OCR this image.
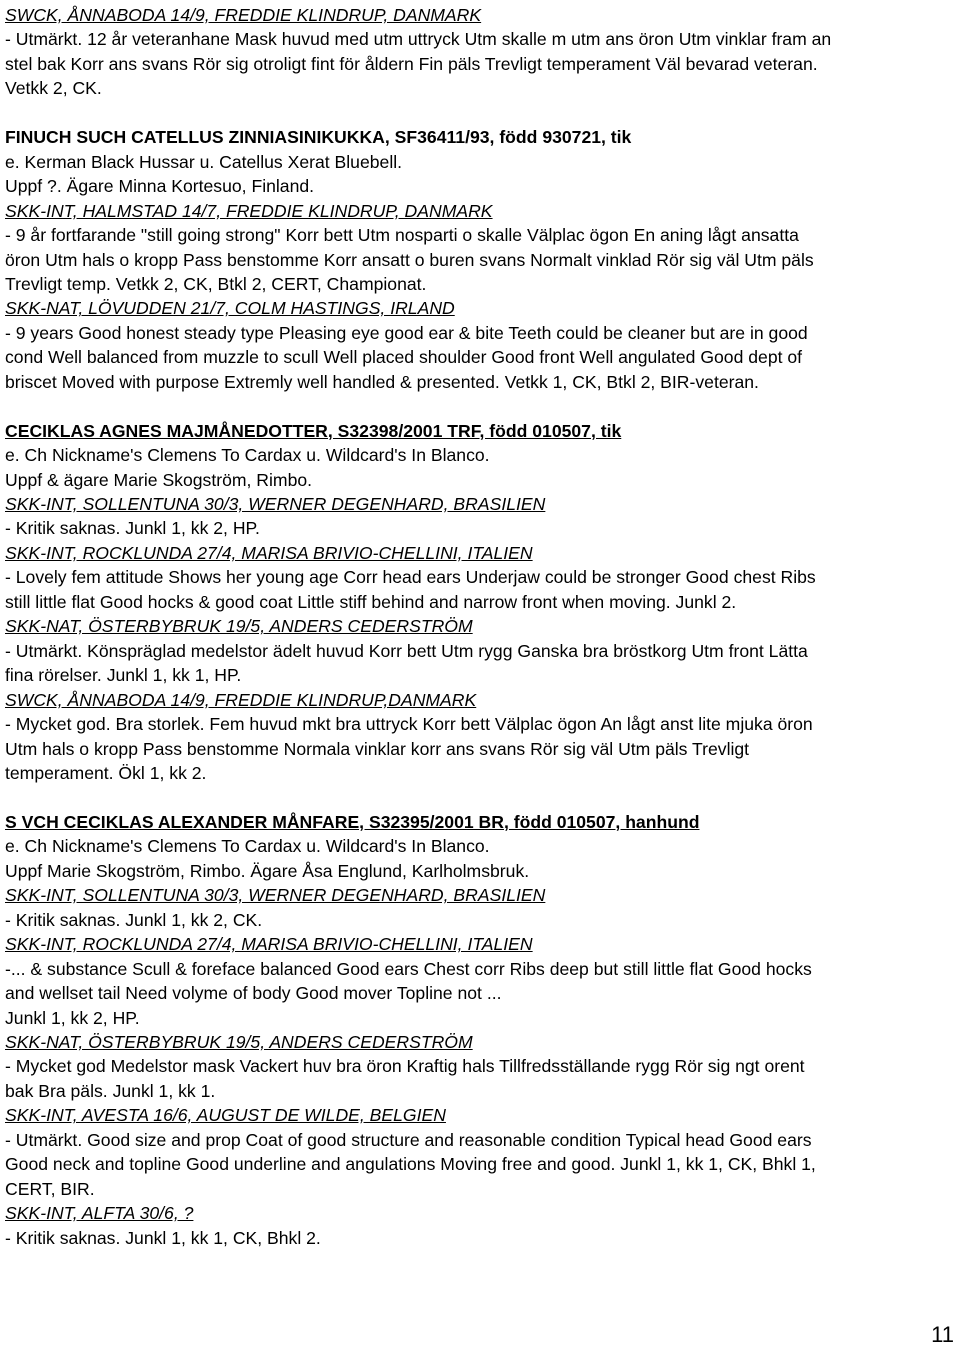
SWCK, ÅNNABODA 14/9, FREDDIE KLINDRUP, DANMARK
- Utmärkt. 12 år veteranhane Mask huvud med utm uttryck Utm skalle m utm ans öron Utm vinklar fram an
stel bak Korr ans svans Rör sig otroligt fint för åldern Fin päls Trevligt temperament Väl bevarad veteran.
Vetkk 2, CK.
FINUCH SUCH CATELLUS ZINNIASINIKUKKA, SF36411/93, född 930721, tik
e. Kerman Black Hussar u. Catellus Xerat Bluebell.
Uppf ?. Ägare Minna Kortesuo, Finland.
SKK-INT, HALMSTAD 14/7, FREDDIE KLINDRUP, DANMARK
- 9 år fortfarande "still going strong" Korr bett Utm nosparti o skalle Välplac ögon En aning lågt ansatta
öron Utm hals o kropp Pass benstomme Korr ansatt o buren svans Normalt vinklad Rör sig väl Utm päls
Trevligt temp. Vetkk 2, CK, Btkl 2, CERT, Championat.
SKK-NAT, LÖVUDDEN 21/7, COLM HASTINGS, IRLAND
- 9 years Good honest steady type Pleasing eye good ear & bite Teeth could be cleaner but are in good
cond Well balanced from muzzle to scull Well placed shoulder Good front Well angulated Good dept of
briscet Moved with purpose Extremly well handled & presented. Vetkk 1, CK, Btkl 2, BIR-veteran.
CECIKLAS AGNES MAJMÅNEDOTTER, S32398/2001 TRF, född 010507, tik
e. Ch Nickname's Clemens To Cardax u. Wildcard's In Blanco.
Uppf & ägare Marie Skogström, Rimbo.
SKK-INT, SOLLENTUNA 30/3, WERNER DEGENHARD, BRASILIEN
- Kritik saknas. Junkl 1, kk 2, HP.
SKK-INT, ROCKLUNDA 27/4, MARISA BRIVIO-CHELLINI, ITALIEN
- Lovely fem attitude Shows her young age Corr head ears Underjaw could be stronger Good chest Ribs
still little flat Good hocks & good coat Little stiff behind and narrow front when moving. Junkl 2.
SKK-NAT, ÖSTERBYBRUK 19/5, ANDERS CEDERSTRÖM
- Utmärkt. Könspräglad medelstor ädelt huvud Korr bett Utm rygg Ganska bra bröstkorg Utm front Lätta
fina rörelser. Junkl 1, kk 1, HP.
SWCK, ÅNNABODA 14/9, FREDDIE KLINDRUP,DANMARK
- Mycket god. Bra storlek. Fem huvud mkt bra uttryck Korr bett Välplac ögon An lågt anst lite mjuka öron
Utm hals o kropp Pass benstomme Normala vinklar korr ans svans Rör sig väl Utm päls Trevligt
temperament. Ökl 1, kk 2.
S VCH CECIKLAS ALEXANDER MÅNFARE, S32395/2001 BR, född 010507, hanhund
e. Ch Nickname's Clemens To Cardax u. Wildcard's In Blanco.
Uppf Marie Skogström, Rimbo. Ägare Åsa Englund, Karlholmsbruk.
SKK-INT, SOLLENTUNA 30/3, WERNER DEGENHARD, BRASILIEN
- Kritik saknas. Junkl 1, kk 2, CK.
SKK-INT, ROCKLUNDA 27/4, MARISA BRIVIO-CHELLINI, ITALIEN
-... & substance Scull & foreface balanced Good ears Chest corr Ribs deep but still little flat Good hocks
and wellset tail Need volyme of body Good mover Topline not ...
Junkl 1, kk 2, HP.
SKK-NAT, ÖSTERBYBRUK 19/5, ANDERS CEDERSTRÖM
- Mycket god Medelstor mask Vackert huv bra öron Kraftig hals Tillfredsställande rygg Rör sig ngt orent
bak Bra päls. Junkl 1, kk 1.
SKK-INT, AVESTA 16/6, AUGUST DE WILDE, BELGIEN
- Utmärkt. Good size and prop Coat of good structure and reasonable condition Typical head Good ears
Good neck and topline Good underline and angulations Moving free and good. Junkl 1, kk 1, CK, Bhkl 1,
CERT, BIR.
SKK-INT, ALFTA 30/6, ?
- Kritik saknas. Junkl 1, kk 1, CK, Bhkl 2.
11
